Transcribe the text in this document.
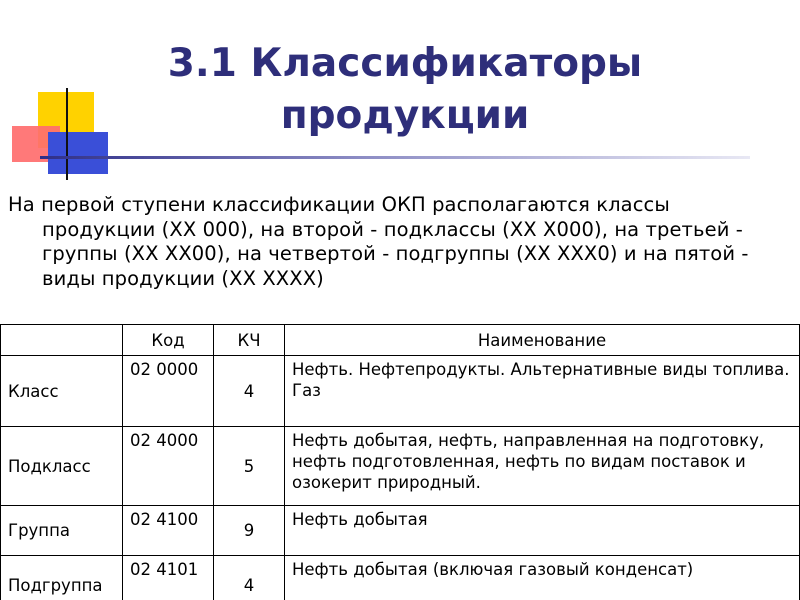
3.1 Классификаторы
продукции

На первой ступени классификации ОКП располагаются классы продукции (XX 000), на второй - подклассы (XX X000), на третьей - группы (XX XX00), на четвертой - подгруппы (XX XXX0) и на пятой - виды продукции (XX XXXX)

	Код	КЧ	Наименование
Класс	02 0000	4	Нефть. Нефтепродукты. Альтернативные виды топлива. Газ
Подкласс	02 4000	5	Нефть добытая, нефть, направленная на подготовку, нефть подготовленная, нефть по видам поставок и озокерит природный.
Группа	02 4100	9	Нефть добытая
Подгруппа	02 4101	4	Нефть добытая (включая газовый конденсат)
